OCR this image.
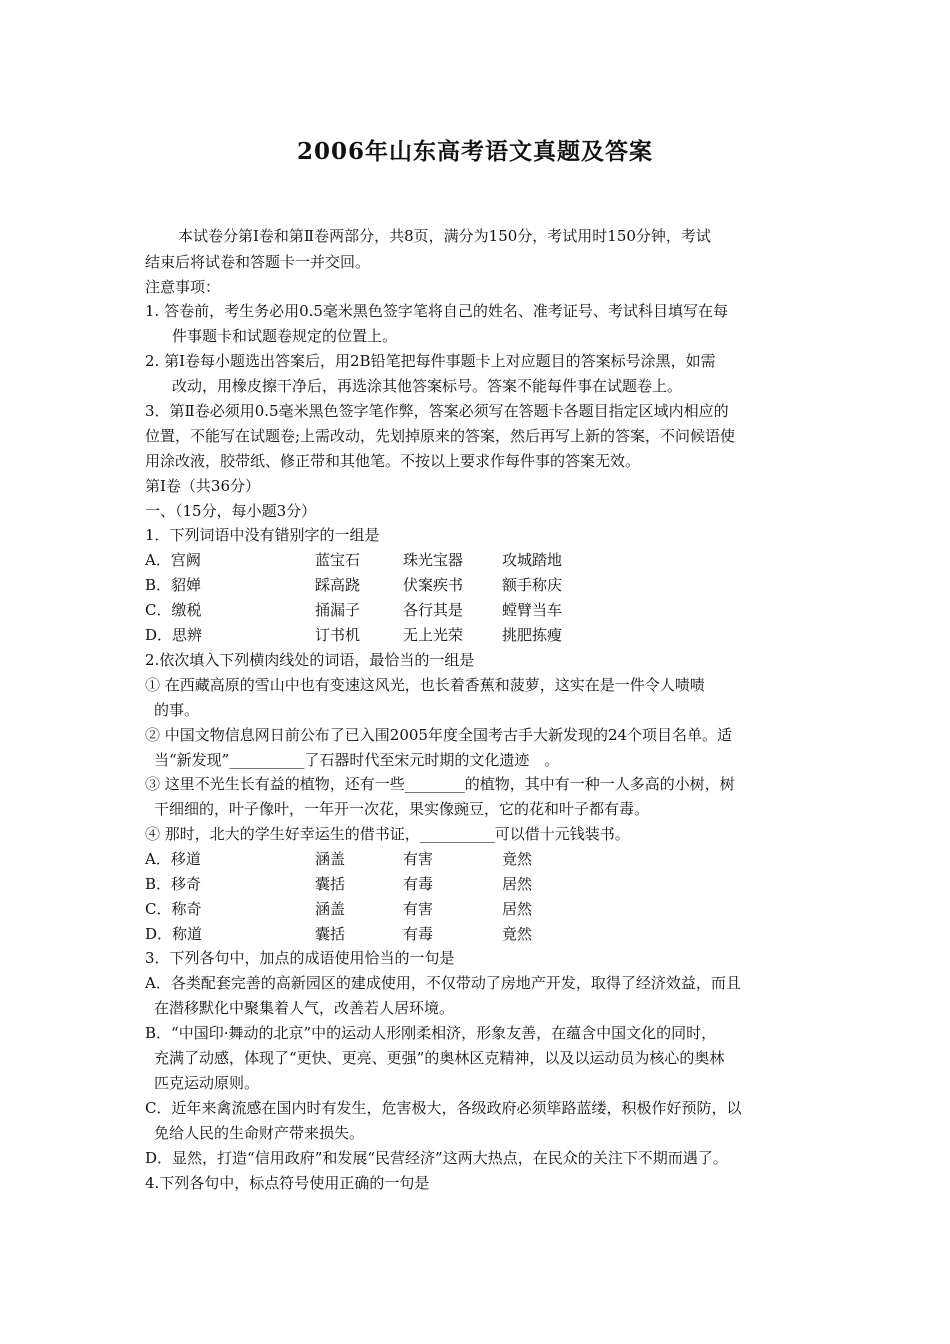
2006年山东高考语文真题及答案
本试卷分第Ⅰ卷和第Ⅱ卷两部分，共8页，满分为150分，考试用时150分钟，考试
结束后将试卷和答题卡一并交回。
注意事项：
1. 答卷前，考生务必用0.5毫米黑色签字笔将自己的姓名、准考证号、考试科目填写在每
件事题卡和试题卷规定的位置上。
2. 第Ⅰ卷每小题选出答案后，用2B铅笔把每件事题卡上对应题目的答案标号涂黑，如需
改动，用橡皮擦干净后，再选涂其他答案标号。答案不能每件事在试题卷上。
3．第Ⅱ卷必须用0.5毫米黑色签字笔作弊，答案必须写在答题卡各题目指定区域内相应的
位置，不能写在试题卷;上需改动，先划掉原来的答案，然后再写上新的答案，不问候语使
用涂改液，胶带纸、修正带和其他笔。不按以上要求作每件事的答案无效。
第Ⅰ卷（共36分）
一、（15分，每小题3分）
1．下列词语中没有错别字的一组是
A．宫阙	蓝宝石	珠光宝器	攻城踏地
B．貂婵	踩高跷	伏案疾书	额手称庆
C．缴税	捅漏子	各行其是	螳臂当车
D．思辨	订书机	无上光荣	挑肥拣瘦
2.依次填入下列横肉线处的词语，最恰当的一组是
① 在西藏高原的雪山中也有变速这风光，也长着香蕉和菠萝，这实在是一件令人啧啧
的事。
② 中国文物信息网日前公布了已入围2005年度全国考古手大新发现的24个项目名单。适
当“新发现”__________了石器时代至宋元时期的文化遗迹　。
③ 这里不光生长有益的植物，还有一些________的植物，其中有一种一人多高的小树，树
干细细的，叶子像叶，一年开一次花，果实像豌豆，它的花和叶子都有毒。
④ 那时，北大的学生好幸运生的借书证，__________可以借十元钱装书。
A．移道	涵盖	有害	竟然
B．移奇	囊括	有毒	居然
C．称奇	涵盖	有害	居然
D．称道	囊括	有毒	竟然
3．下列各句中，加点的成语使用恰当的一句是
A．各类配套完善的高新园区的建成使用，不仅带动了房地产开发，取得了经济效益，而且
在潜移默化中聚集着人气，改善若人居环境。
B．“中国印·舞动的北京”中的运动人形刚柔相济，形象友善，在蕴含中国文化的同时，
充满了动感，体现了“更快、更亮、更强”的奥林区克精神，以及以运动员为核心的奥林
匹克运动原则。
C．近年来禽流感在国内时有发生，危害极大，各级政府必须筚路蓝缕，积极作好预防，以
免给人民的生命财产带来损失。
D．显然，打造“信用政府”和发展“民营经济”这两大热点，在民众的关注下不期而遇了。
4.下列各句中，标点符号使用正确的一句是
